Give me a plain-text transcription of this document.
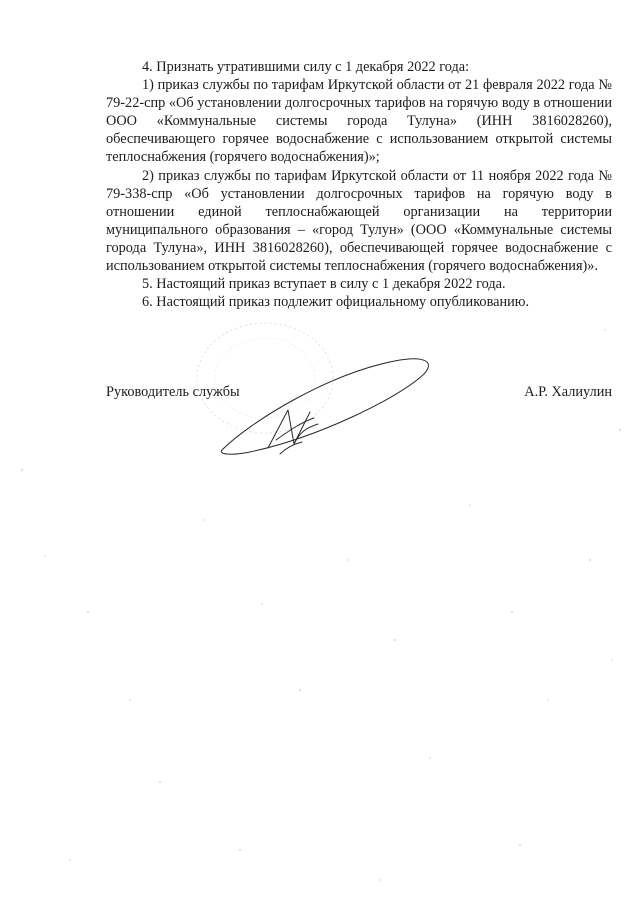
4. Признать утратившими силу с 1 декабря 2022 года:

1) приказ службы по тарифам Иркутской области от 21 февраля 2022 года № 79-22-спр «Об установлении долгосрочных тарифов на горячую воду в отношении ООО «Коммунальные системы города Тулуна» (ИНН 3816028260), обеспечивающего горячее водоснабжение с использованием открытой системы теплоснабжения (горячего водоснабжения)»;

2) приказ службы по тарифам Иркутской области от 11 ноября 2022 года № 79-338-спр «Об установлении долгосрочных тарифов на горячую воду в отношении единой теплоснабжающей организации на территории муниципального образования – «город Тулун» (ООО «Коммунальные системы города Тулуна», ИНН 3816028260), обеспечивающей горячее водоснабжение с использованием открытой системы теплоснабжения (горячего водоснабжения)».

5. Настоящий приказ вступает в силу с 1 декабря 2022 года.

6. Настоящий приказ подлежит официальному опубликованию.

Руководитель службы	А.Р. Халиулин
